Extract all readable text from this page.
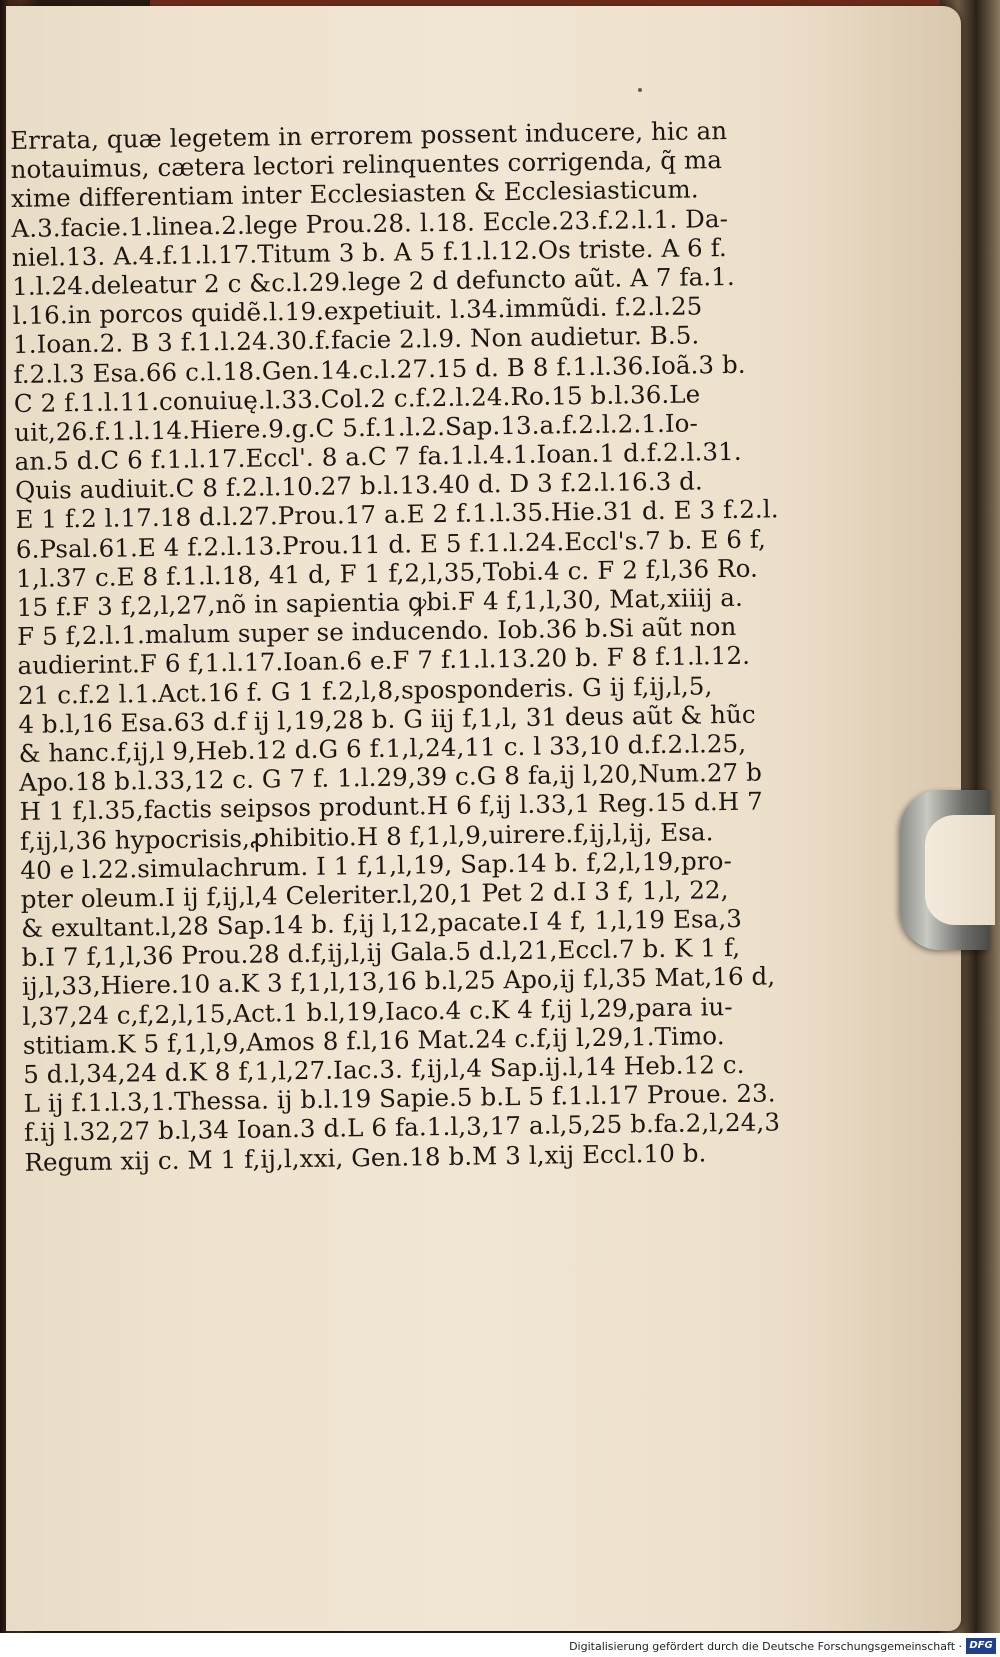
Errata, quæ legetem in errorem possent inducere, hic an
notauimus, cætera lectori relinquentes corrigenda, q̃ ma
xime differentiam inter Ecclesiasten & Ecclesiasticum.
A.3.facie.1.linea.2.lege Prou.28. l.18. Eccle.23.f.2.l.1. Da-
niel.13. A.4.f.1.l.17.Titum 3 b. A 5 f.1.l.12.Os triste. A 6 f.
1.l.24.deleatur 2 c &c.l.29.lege 2 d defuncto aũt. A 7 fa.1.
l.16.in porcos quidẽ.l.19.expetiuit. l.34.immũdi. f.2.l.25
1.Ioan.2. B 3 f.1.l.24.30.f.facie 2.l.9. Non audietur. B.5.
f.2.l.3 Esa.66 c.l.18.Gen.14.c.l.27.15 d. B 8 f.1.l.36.Ioã.3 b.
C 2 f.1.l.11.conuiuę.l.33.Col.2 c.f.2.l.24.Ro.15 b.l.36.Le
uit,26.f.1.l.14.Hiere.9.g.C 5.f.1.l.2.Sap.13.a.f.2.l.2.1.Io-
an.5 d.C 6 f.1.l.17.Eccl'. 8 a.C 7 fa.1.l.4.1.Ioan.1 d.f.2.l.31.
Quis audiuit.C 8 f.2.l.10.27 b.l.13.40 d. D 3 f.2.l.16.3 d.
E 1 f.2 l.17.18 d.l.27.Prou.17 a.E 2 f.1.l.35.Hie.31 d. E 3 f.2.l.
6.Psal.61.E 4 f.2.l.13.Prou.11 d. E 5 f.1.l.24.Eccl's.7 b. E 6 f,
1,l.37 c.E 8 f.1.l.18, 41 d, F 1 f,2,l,35,Tobi.4 c. F 2 f,l,36 Ro.
15 f.F 3 f,2,l,27,nõ in sapientia ꝙbi.F 4 f,1,l,30, Mat,xiiij a.
F 5 f,2.l.1.malum super se inducendo. Iob.36 b.Si aũt non
audierint.F 6 f,1.l.17.Ioan.6 e.F 7 f.1.l.13.20 b. F 8 f.1.l.12.
21 c.f.2 l.1.Act.16 f. G 1 f.2,l,8,sposponderis. G ij f,ij,l,5,
4 b.l,16 Esa.63 d.f ij l,19,28 b. G iij f,1,l, 31 deus aũt & hũc
& hanc.f,ij,l 9,Heb.12 d.G 6 f.1,l,24,11 c. l 33,10 d.f.2.l.25,
Apo.18 b.l.33,12 c. G 7 f. 1.l.29,39 c.G 8 fa,ij l,20,Num.27 b
H 1 f,l.35,factis seipsos produnt.H 6 f,ij l.33,1 Reg.15 d.H 7
f,ij,l,36 hypocrisis,ꝓhibitio.H 8 f,1,l,9,uirere.f,ij,l,ij, Esa.
40 e l.22.simulachrum. I 1 f,1,l,19, Sap.14 b. f,2,l,19,pro-
pter oleum.I ij f,ij,l,4 Celeriter.l,20,1 Pet 2 d.I 3 f, 1,l, 22,
& exultant.l,28 Sap.14 b. f,ij l,12,pacate.I 4 f, 1,l,19 Esa,3
b.I 7 f,1,l,36 Prou.28 d.f,ij,l,ij Gala.5 d.l,21,Eccl.7 b. K 1 f,
ij,l,33,Hiere.10 a.K 3 f,1,l,13,16 b.l,25 Apo,ij f,l,35 Mat,16 d,
l,37,24 c,f,2,l,15,Act.1 b.l,19,Iaco.4 c.K 4 f,ij l,29,para iu-
stitiam.K 5 f,1,l,9,Amos 8 f.l,16 Mat.24 c.f,ij l,29,1.Timo.
5 d.l,34,24 d.K 8 f,1,l,27.Iac.3. f,ij,l,4 Sap.ij.l,14 Heb.12 c.
L ij f.1.l.3,1.Thessa. ij b.l.19 Sapie.5 b.L 5 f.1.l.17 Proue. 23.
f.ij l.32,27 b.l,34 Ioan.3 d.L 6 fa.1.l,3,17 a.l,5,25 b.fa.2,l,24,3
Regum xij c. M 1 f,ij,l,xxi, Gen.18 b.M 3 l,xij Eccl.10 b.
Digitalisierung gefördert durch die Deutsche Forschungsgemeinschaft · DFG
